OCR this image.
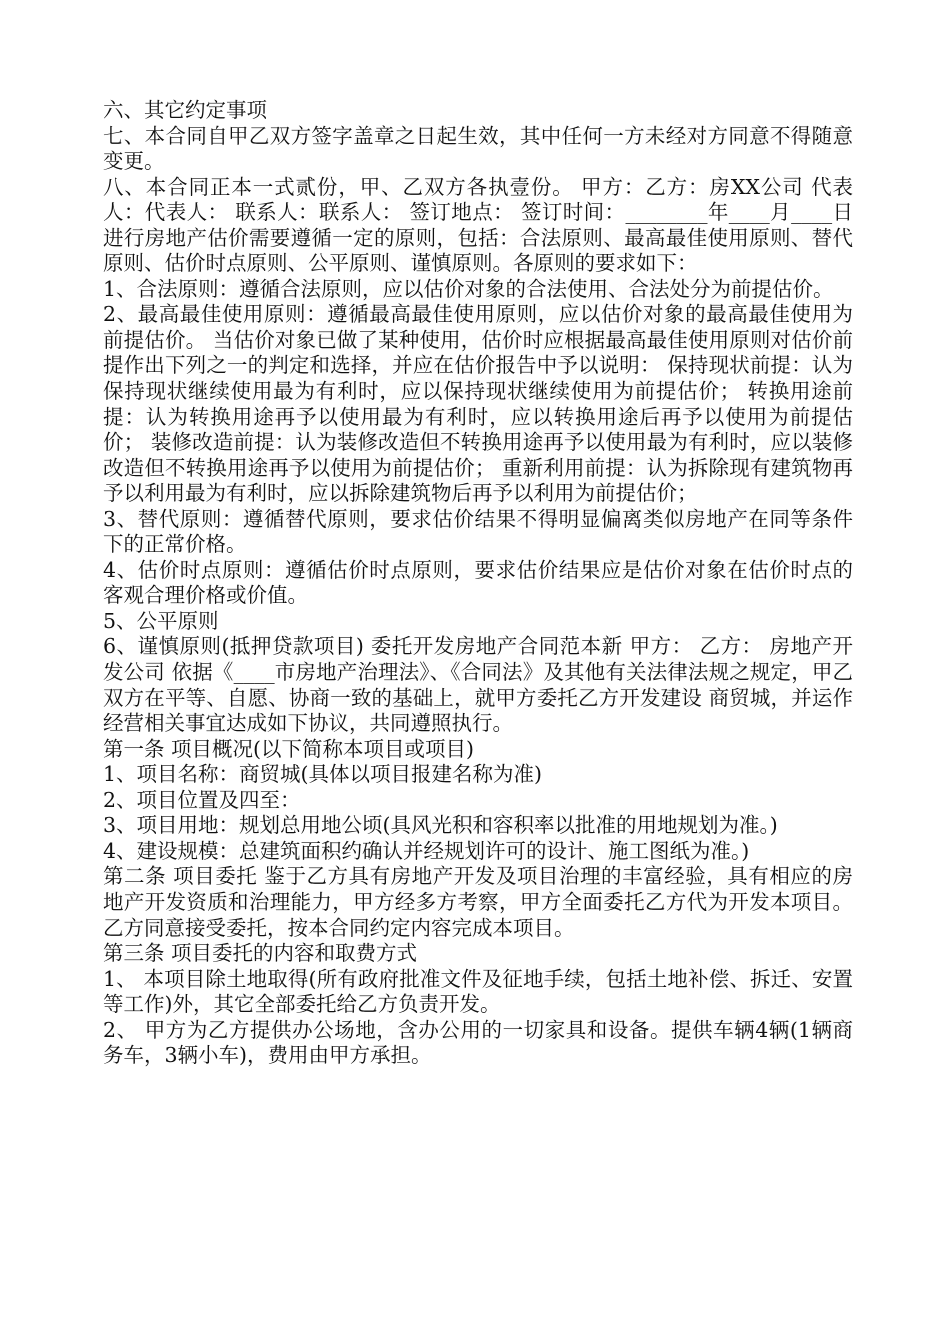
六、其它约定事项

七、本合同自甲乙双方签字盖章之日起生效，其中任何一方未经对方同意不得随意变更。

八、本合同正本一式贰份，甲、乙双方各执壹份。 甲方：乙方：房XX公司 代表人：代表人： 联系人：联系人： 签订地点： 签订时间：________年____月____日 进行房地产估价需要遵循一定的原则，包括：合法原则、最高最佳使用原则、替代原则、估价时点原则、公平原则、谨慎原则。各原则的要求如下：

1、合法原则：遵循合法原则，应以估价对象的合法使用、合法处分为前提估价。

2、最高最佳使用原则：遵循最高最佳使用原则，应以估价对象的最高最佳使用为前提估价。 当估价对象已做了某种使用，估价时应根据最高最佳使用原则对估价前提作出下列之一的判定和选择，并应在估价报告中予以说明： 保持现状前提：认为保持现状继续使用最为有利时，应以保持现状继续使用为前提估价； 转换用途前提：认为转换用途再予以使用最为有利时，应以转换用途后再予以使用为前提估价； 装修改造前提：认为装修改造但不转换用途再予以使用最为有利时，应以装修改造但不转换用途再予以使用为前提估价； 重新利用前提：认为拆除现有建筑物再予以利用最为有利时，应以拆除建筑物后再予以利用为前提估价；

3、替代原则：遵循替代原则，要求估价结果不得明显偏离类似房地产在同等条件下的正常价格。

4、估价时点原则：遵循估价时点原则，要求估价结果应是估价对象在估价时点的客观合理价格或价值。

5、公平原则

6、谨慎原则(抵押贷款项目) 委托开发房地产合同范本新 甲方： 乙方： 房地产开发公司 依据《____市房地产治理法》、《合同法》及其他有关法律法规之规定，甲乙双方在平等、自愿、协商一致的基础上，就甲方委托乙方开发建设 商贸城，并运作经营相关事宜达成如下协议，共同遵照执行。

第一条 项目概况(以下简称本项目或项目)

1、项目名称：商贸城(具体以项目报建名称为准)

2、项目位置及四至：

3、项目用地：规划总用地公顷(具风光积和容积率以批准的用地规划为准。)

4、建设规模：总建筑面积约确认并经规划许可的设计、施工图纸为准。)

第二条 项目委托 鉴于乙方具有房地产开发及项目治理的丰富经验，具有相应的房地产开发资质和治理能力，甲方经多方考察，甲方全面委托乙方代为开发本项目。乙方同意接受委托，按本合同约定内容完成本项目。

第三条 项目委托的内容和取费方式

1、 本项目除土地取得(所有政府批准文件及征地手续，包括土地补偿、拆迁、安置等工作)外，其它全部委托给乙方负责开发。

2、 甲方为乙方提供办公场地，含办公用的一切家具和设备。提供车辆4辆(1辆商务车，3辆小车)，费用由甲方承担。
